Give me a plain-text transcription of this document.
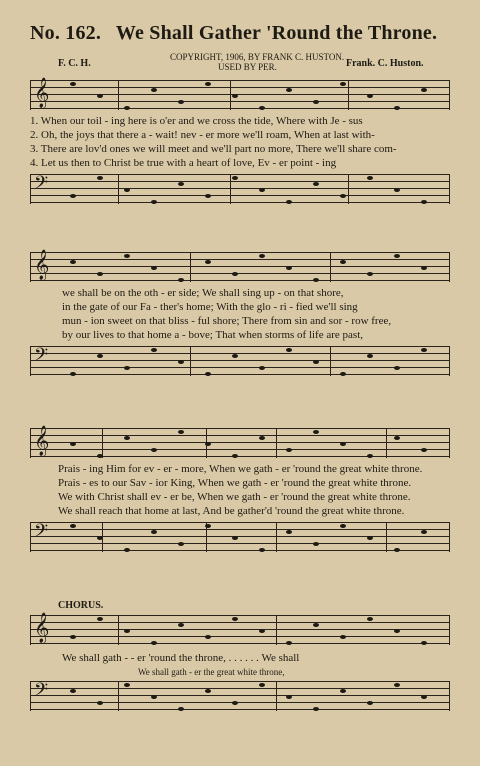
No. 162. We Shall Gather 'Round the Throne.
COPYRIGHT, 1906, BY FRANK C. HUSTON.
USED BY PER.
F. C. H.	Frank. C. Huston.
𝄞
1. When our toil - ing here is o'er and we cross the tide, Where with Je - sus
2. Oh, the joys that there a - wait! nev - er more we'll roam, When at last with-
3. There are lov'd ones we will meet and we'll part no more, There we'll share com-
4. Let us then to Christ be true with a heart of love, Ev - er point - ing
𝄢
𝄞
we shall be on the oth - er side; We shall sing up - on that shore,
in the gate of our Fa - ther's home; With the glo - ri - fied we'll sing
mun - ion sweet on that bliss - ful shore; There from sin and sor - row free,
by our lives to that home a - bove; That when storms of life are past,
𝄢
𝄞
Prais - ing Him for ev - er - more, When we gath - er 'round the great white throne.
Prais - es to our Sav - ior King, When we gath - er 'round the great white throne.
We with Christ shall ev - er be, When we gath - er 'round the great white throne.
We shall reach that home at last, And be gather'd 'round the great white throne.
𝄢
CHORUS.
𝄞
We shall gath - - er 'round the throne, . . . . . . We shall
We shall gath - er the great white throne,
𝄢
